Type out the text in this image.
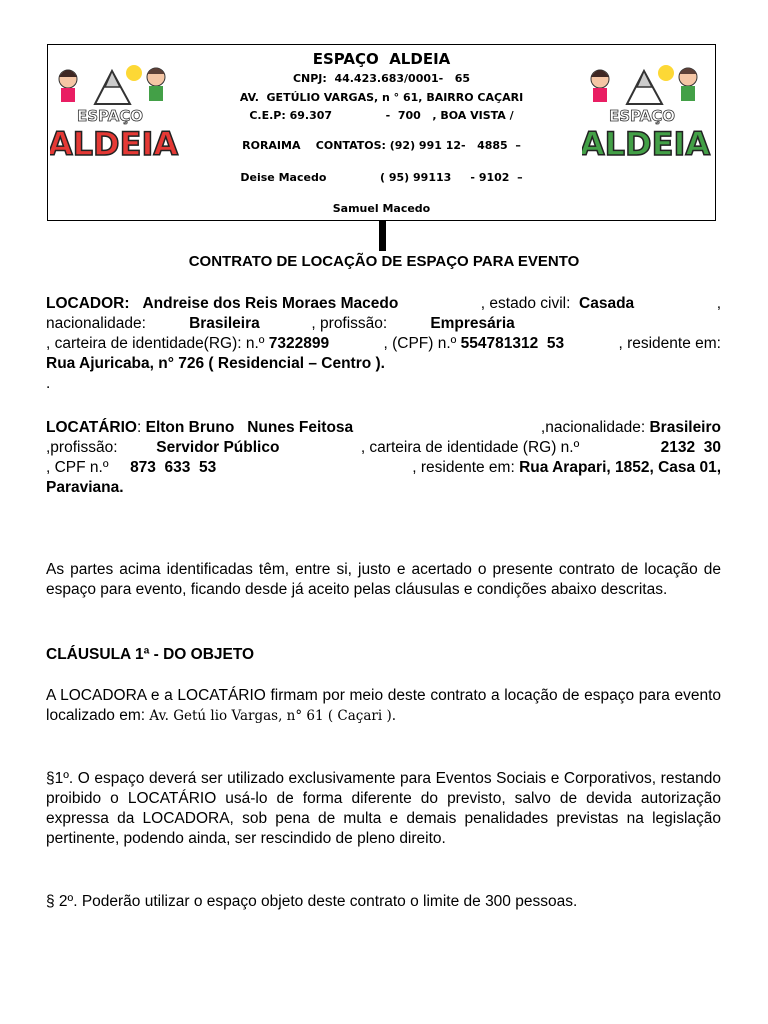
ESPAÇO  ALDEIA
CNPJ:  44.423.683/0001-   65
AV.  GETÚLIO VARGAS, n ° 61, BAIRRO CAÇARI
C.E.P: 69.307              -  700   , BOA VISTA /
RORAIMA    CONTATOS: (92) 991 12-   4885  –
Deise Macedo              ( 95) 99113     - 9102  –
Samuel Macedo
ESPAÇO
ALDEIA
ESPAÇO
ALDEIA
CONTRATO DE LOCAÇÃO DE ESPAÇO PARA EVENTO
LOCADOR: Andreise dos Reis Moraes Macedo	, estado civil: Casada	,
nacionalidade:
	Brasileira
	, profissão:
	Empresária
, carteira de identidade(RG): n.º 7322899	, (CPF) n.º 554781312  53	, residente em:
Rua Ajuricaba, n° 726 ( Residencial – Centro ).
.
LOCATÁRIO: Elton Bruno   Nunes Feitosa	,nacionalidade: Brasileiro
,profissão:	Servidor Público	, carteira de identidade (RG) n.º	2132  30
, CPF n.º 873  633  53	, residente em: Rua Arapari, 1852, Casa 01,
Paraviana.
As partes acima identificadas têm, entre si, justo e acertado o presente contrato de locação de espaço para evento, ficando desde já aceito pelas cláusulas e condições abaixo descritas.
CLÁUSULA 1ª - DO OBJETO
A LOCADORA e a LOCATÁRIO firmam por meio deste contrato a locação de espaço para evento localizado em: Av. Getú lio Vargas, n° 61 ( Caçari ).
§1º. O espaço deverá ser utilizado exclusivamente para Eventos Sociais e Corporativos, restando proibido o LOCATÁRIO usá-lo de forma diferente do previsto, salvo de devida autorização expressa da LOCADORA, sob pena de multa e demais penalidades previstas na legislação pertinente, podendo ainda, ser rescindido de pleno direito.
§ 2º. Poderão utilizar o espaço objeto deste contrato o limite de 300 pessoas.
